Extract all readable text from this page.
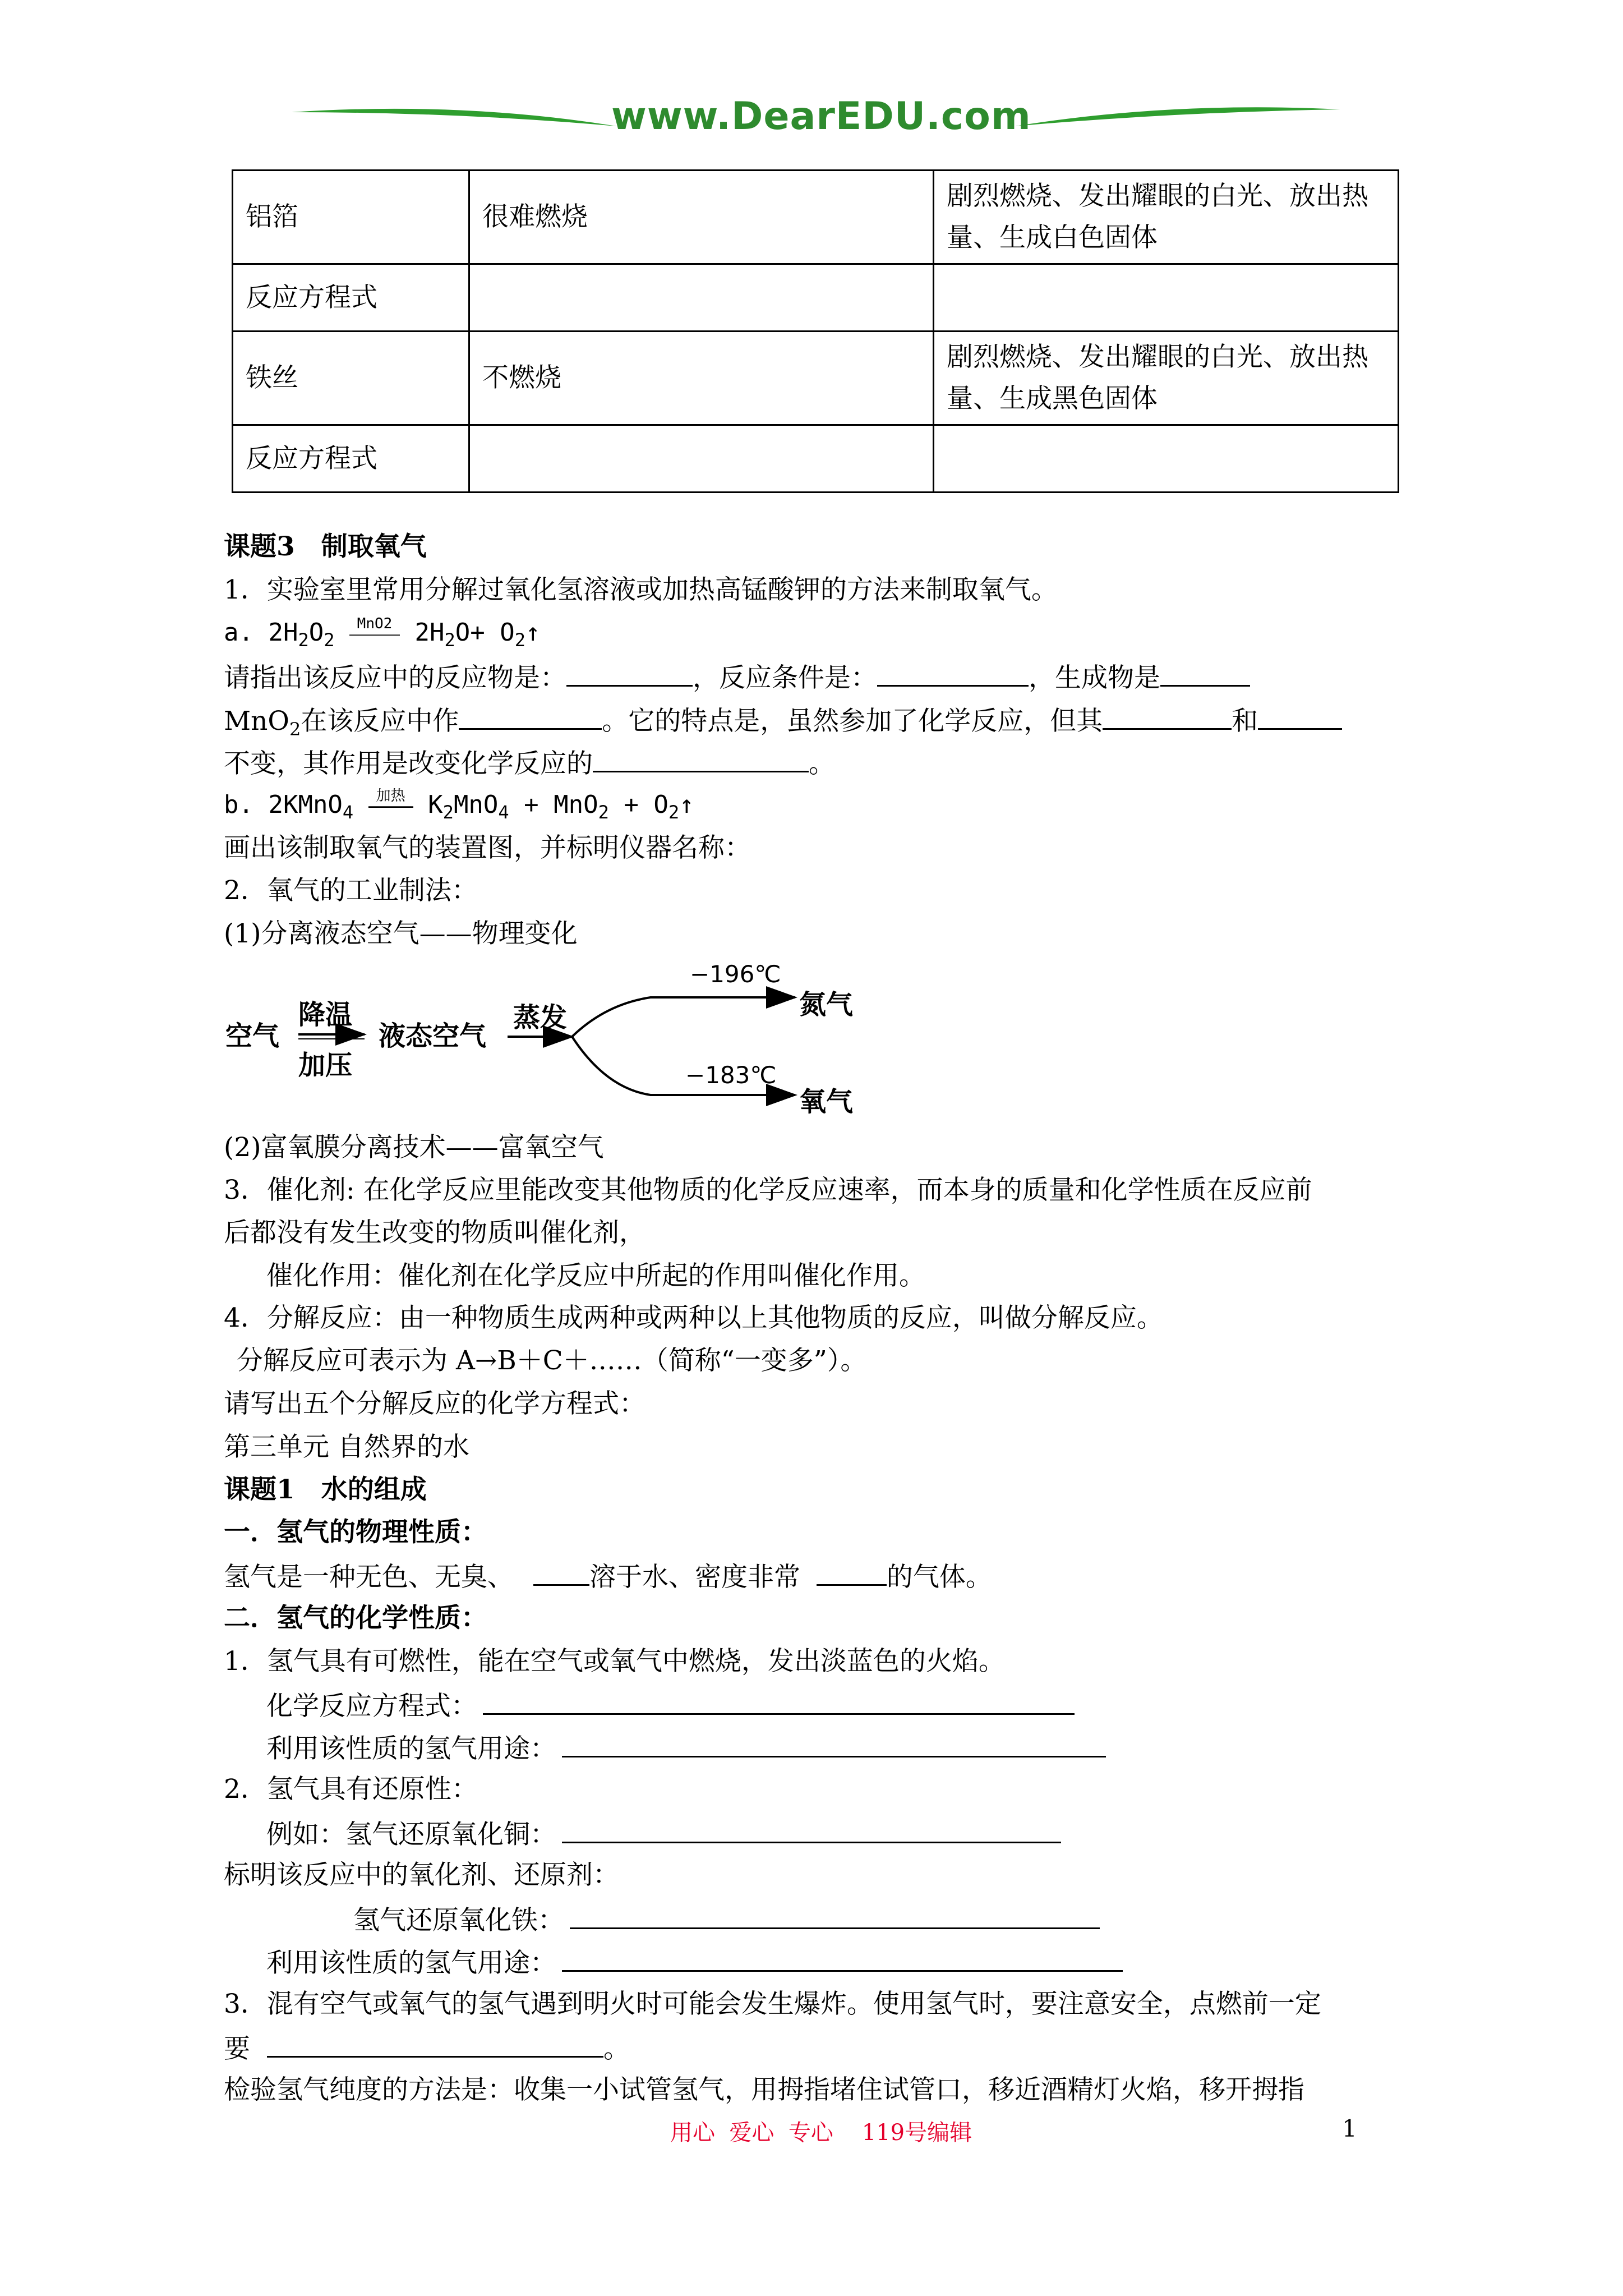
www.DearEDU.com
铝箔	很难燃烧	剧烈燃烧、发出耀眼的白光、放出热量、生成白色固体
反应方程式		
铁丝	不燃烧	剧烈燃烧、发出耀眼的白光、放出热量、生成黑色固体
反应方程式		
课题3　制取氧气
1．实验室里常用分解过氧化氢溶液或加热高锰酸钾的方法来制取氧气。
a. $2H_2O_2$ $^{MnO2}$
$2H_2O+$ $O_2↑$
请指出该反应中的反应物是：	，反应条件是：	，生成物是
MnO$_2$在该反应中作	。它的特点是，虽然参加了化学反应，但其	和
不变，其作用是改变化学反应的	。
b. 2KMnO$_4$ $^{加热}$
$K_2MnO_4 + MnO_2$ + $O_2↑$
画出该制取氧气的装置图，并标明仪器名称：
2．氧气的工业制法：
(1)分离液态空气——物理变化
空气
降温
加压
液态空气
蒸发
−196℃
氮气
−183℃
氧气
(2)富氧膜分离技术——富氧空气
3．催化剂: 在化学反应里能改变其他物质的化学反应速率，而本身的质量和化学性质在反应前
后都没有发生改变的物质叫催化剂，
催化作用：催化剂在化学反应中所起的作用叫催化作用。
4．分解反应：由一种物质生成两种或两种以上其他物质的反应，叫做分解反应。
分解反应可表示为 A→B＋C＋……（简称“一变多”）。
请写出五个分解反应的化学方程式：
第三单元 自然界的水
课题1　水的组成
一．氢气的物理性质：
氢气是一种无色、无臭、	溶于水、密度非常	的气体。
二．氢气的化学性质：
1．氢气具有可燃性，能在空气或氧气中燃烧，发出淡蓝色的火焰。
化学反应方程式：
利用该性质的氢气用途：
2．氢气具有还原性：
例如：氢气还原氧化铜：
标明该反应中的氧化剂、还原剂：
氢气还原氧化铁：
利用该性质的氢气用途：
3．混有空气或氧气的氢气遇到明火时可能会发生爆炸。使用氢气时，要注意安全，点燃前一定
要	。
检验氢气纯度的方法是：收集一小试管氢气，用拇指堵住试管口，移近酒精灯火焰，移开拇指
用心  爱心  专心    119号编辑	1
